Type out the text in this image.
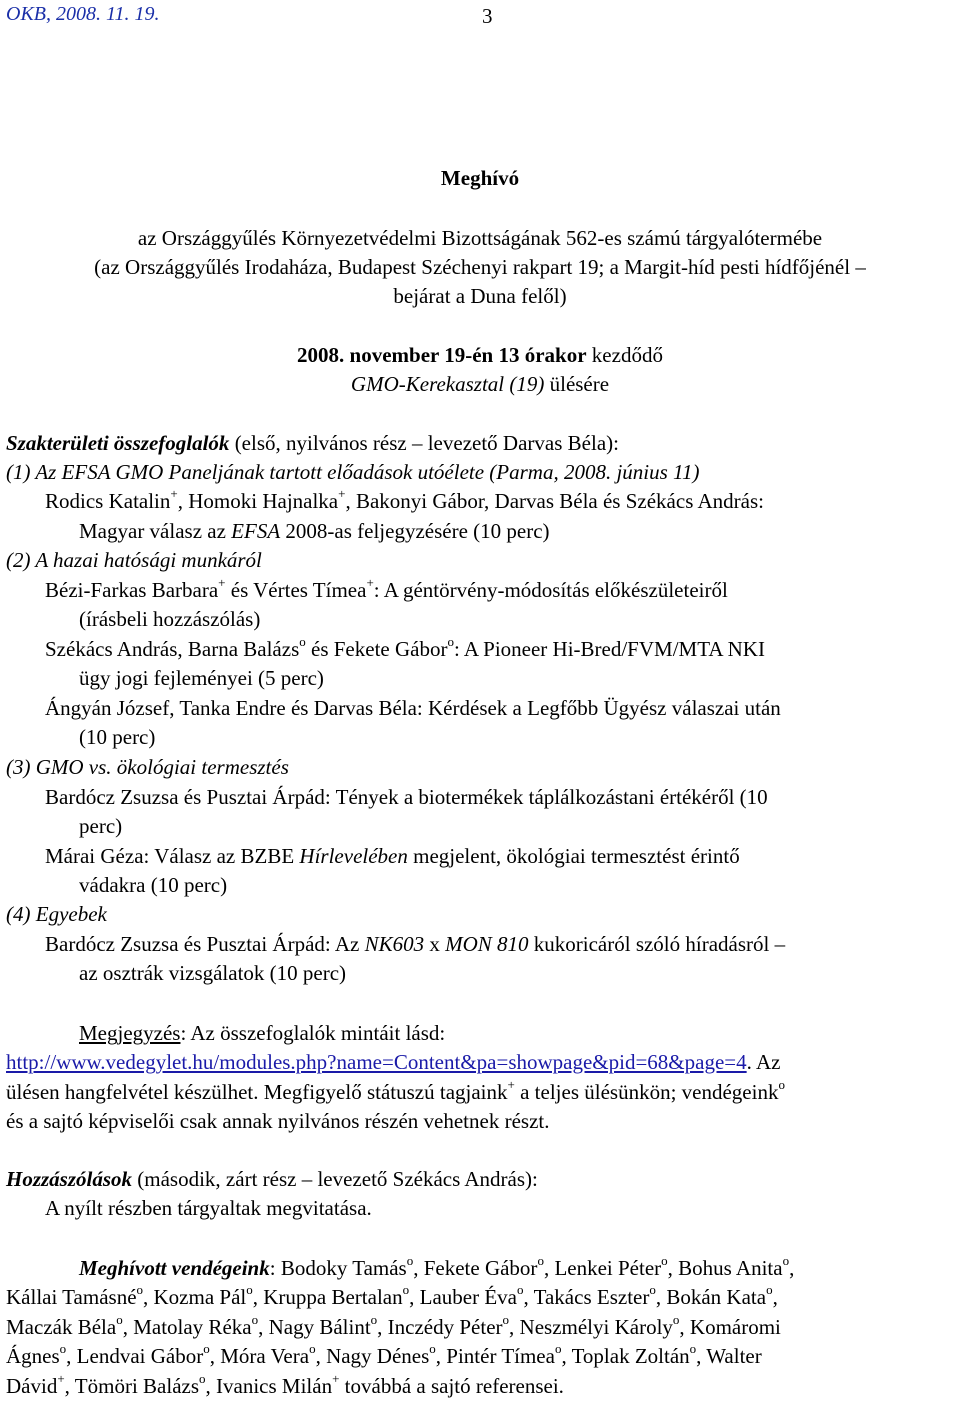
OKB, 2008. 11. 19.	3
Meghívó
az Országgyűlés Környezetvédelmi Bizottságának 562-es számú tárgyalótermébe
(az Országgyűlés Irodaháza, Budapest Széchenyi rakpart 19; a Margit-híd pesti hídfőjénél –
bejárat a Duna felől)
2008. november 19-én 13 órakor kezdődő
GMO-Kerekasztal (19) ülésére
Szakterületi összefoglalók (első, nyilvános rész – levezető Darvas Béla):
(1) Az EFSA GMO Paneljának tartott előadások utóélete (Parma, 2008. június 11)
Rodics Katalin+, Homoki Hajnalka+, Bakonyi Gábor, Darvas Béla és Székács András:
Magyar válasz az EFSA 2008-as feljegyzésére (10 perc)
(2) A hazai hatósági munkáról
Bézi-Farkas Barbara+ és Vértes Tímea+: A géntörvény-módosítás előkészületeiről
(írásbeli hozzászólás)
Székács András, Barna Balázs$^o$ és Fekete Gábor$^o$: A Pioneer Hi-Bred/FVM/MTA NKI
ügy jogi fejleményei (5 perc)
Ángyán József, Tanka Endre és Darvas Béla: Kérdések a Legfőbb Ügyész válaszai után
(10 perc)
(3) GMO vs. ökológiai termesztés
Bardócz Zsuzsa és Pusztai Árpád: Tények a biotermékek táplálkozástani értékéről (10
perc)
Márai Géza: Válasz az BZBE Hírlevelében megjelent, ökológiai termesztést érintő
vádakra (10 perc)
(4) Egyebek
Bardócz Zsuzsa és Pusztai Árpád: Az NK603 x MON 810 kukoricáról szóló híradásról –
az osztrák vizsgálatok (10 perc)
Megjegyzés: Az összefoglalók mintáit lásd:
http://www.vedegylet.hu/modules.php?name=Content&pa=showpage&pid=68&page=4. Az
ülésen hangfelvétel készülhet. Megfigyelő státuszú tagjaink+ a teljes ülésünkön; vendégeink$^o$
és a sajtó képviselői csak annak nyilvános részén vehetnek részt.
Hozzászólások (második, zárt rész – levezető Székács András):
A nyílt részben tárgyaltak megvitatása.
Meghívott vendégeink: Bodoky Tamás$^o$, Fekete Gábor$^o$, Lenkei Péter$^o$, Bohus Anita$^o$,
Kállai Tamásné$^o$, Kozma Pál$^o$, Kruppa Bertalan$^o$, Lauber Éva$^o$, Takács Eszter$^o$, Bokán Kata$^o$,
Maczák Béla$^o$, Matolay Réka$^o$, Nagy Bálint$^o$, Inczédy Péter$^o$, Neszmélyi Károly$^o$, Komáromi
Ágnes$^o$, Lendvai Gábor$^o$, Móra Vera$^o$, Nagy Dénes$^o$, Pintér Tímea$^o$, Toplak Zoltán$^o$, Walter
Dávid+, Tömöri Balázs$^o$, Ivanics Milán+ továbbá a sajtó referensei.
